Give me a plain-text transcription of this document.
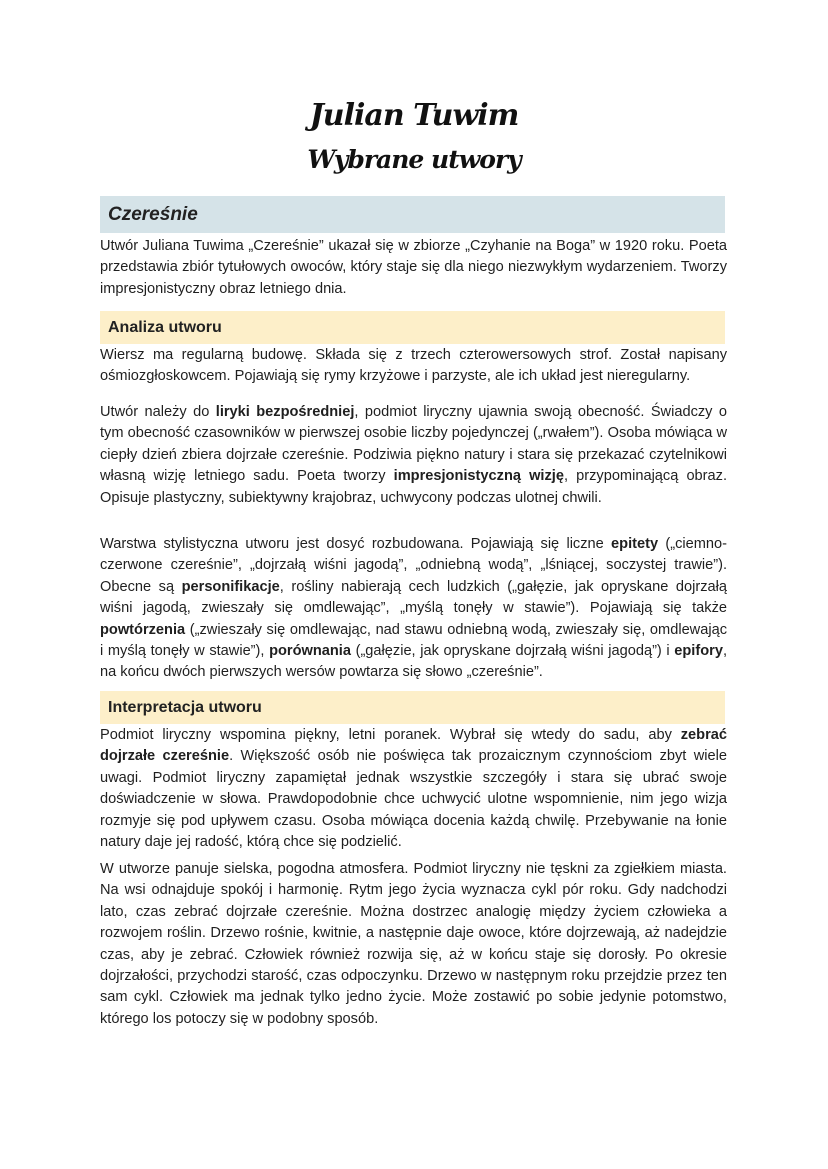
Julian Tuwim
Wybrane utwory
Czereśnie

Utwór Juliana Tuwima „Czereśnie” ukazał się w zbiorze „Czyhanie na Boga” w 1920 roku. Poeta przedstawia zbiór tytułowych owoców, który staje się dla niego niezwykłym wydarzeniem. Tworzy impresjonistyczny obraz letniego dnia.

Analiza utworu

Wiersz ma regularną budowę. Składa się z trzech czterowersowych strof. Został napisany ośmiozgłoskowcem. Pojawiają się rymy krzyżowe i parzyste, ale ich układ jest nieregularny.

Utwór należy do liryki bezpośredniej, podmiot liryczny ujawnia swoją obecność. Świadczy o tym obecność czasowników w pierwszej osobie liczby pojedynczej („rwałem”). Osoba mówiąca w ciepły dzień zbiera dojrzałe czereśnie. Podziwia piękno natury i stara się przekazać czytelnikowi własną wizję letniego sadu. Poeta tworzy impresjonistyczną wizję, przypominającą obraz. Opisuje plastyczny, subiektywny krajobraz, uchwycony podczas ulotnej chwili.

Warstwa stylistyczna utworu jest dosyć rozbudowana. Pojawiają się liczne epitety („ciemno-czerwone czereśnie”, „dojrzałą wiśni jagodą”, „odniebną wodą”, „lśniącej, soczystej trawie”). Obecne są personifikacje, rośliny nabierają cech ludzkich („gałęzie, jak opryskane dojrzałą wiśni jagodą, zwieszały się omdlewając”, „myślą tonęły w stawie”). Pojawiają się także powtórzenia („zwieszały się omdlewając, nad stawu odniebną wodą, zwieszały się, omdlewając i myślą tonęły w stawie”), porównania („gałęzie, jak opryskane dojrzałą wiśni jagodą”) i epifory, na końcu dwóch pierwszych wersów powtarza się słowo „czereśnie”.

Interpretacja utworu

Podmiot liryczny wspomina piękny, letni poranek. Wybrał się wtedy do sadu, aby zebrać dojrzałe czereśnie. Większość osób nie poświęca tak prozaicznym czynnościom zbyt wiele uwagi. Podmiot liryczny zapamiętał jednak wszystkie szczegóły i stara się ubrać swoje doświadczenie w słowa. Prawdopodobnie chce uchwycić ulotne wspomnienie, nim jego wizja rozmyje się pod upływem czasu. Osoba mówiąca docenia każdą chwilę. Przebywanie na łonie natury daje jej radość, którą chce się podzielić.

W utworze panuje sielska, pogodna atmosfera. Podmiot liryczny nie tęskni za zgiełkiem miasta. Na wsi odnajduje spokój i harmonię. Rytm jego życia wyznacza cykl pór roku. Gdy nadchodzi lato, czas zebrać dojrzałe czereśnie. Można dostrzec analogię między życiem człowieka a rozwojem roślin. Drzewo rośnie, kwitnie, a następnie daje owoce, które dojrzewają, aż nadejdzie czas, aby je zebrać. Człowiek również rozwija się, aż w końcu staje się dorosły. Po okresie dojrzałości, przychodzi starość, czas odpoczynku. Drzewo w następnym roku przejdzie przez ten sam cykl. Człowiek ma jednak tylko jedno życie. Może zostawić po sobie jedynie potomstwo, którego los potoczy się w podobny sposób.
